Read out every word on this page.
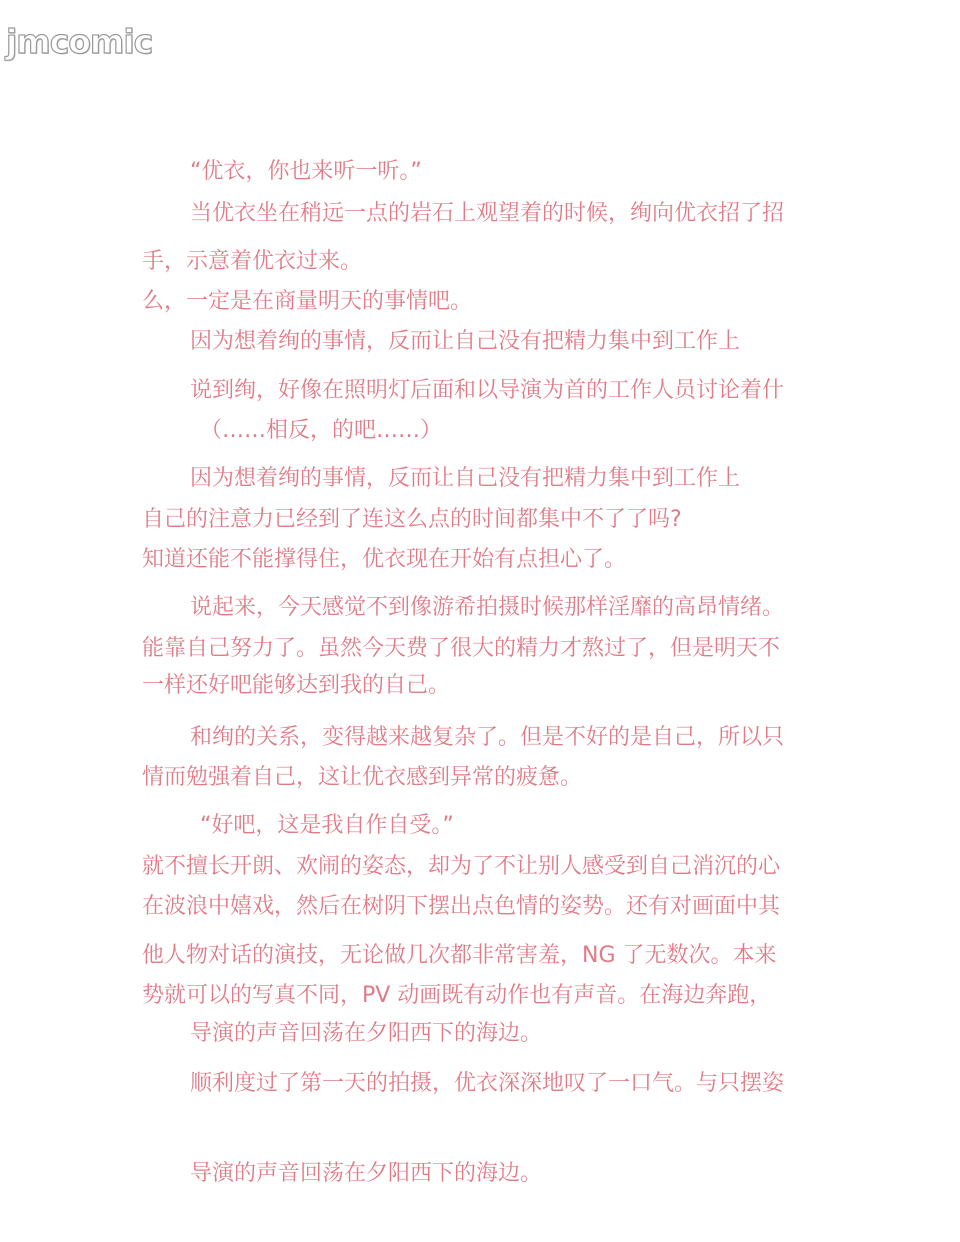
jmcomic
“优衣，你也来听一听。”
当优衣坐在稍远一点的岩石上观望着的时候，绚向优衣招了招
手，示意着优衣过来。
么，一定是在商量明天的事情吧。
因为想着绚的事情，反而让自己没有把精力集中到工作上
说到绚，好像在照明灯后面和以导演为首的工作人员讨论着什
（……相反，的吧……）
因为想着绚的事情，反而让自己没有把精力集中到工作上
自己的注意力已经到了连这么点的时间都集中不了了吗?
知道还能不能撑得住，优衣现在开始有点担心了。
说起来，今天感觉不到像游希拍摄时候那样淫靡的高昂情绪。
能靠自己努力了。虽然今天费了很大的精力才熬过了，但是明天不
一样还好吧能够达到我的自己。
和绚的关系，变得越来越复杂了。但是不好的是自己，所以只
情而勉强着自己，这让优衣感到异常的疲惫。
“好吧，这是我自作自受。”
就不擅长开朗、欢闹的姿态，却为了不让别人感受到自己消沉的心
在波浪中嬉戏，然后在树阴下摆出点色情的姿势。还有对画面中其
他人物对话的演技，无论做几次都非常害羞，NG 了无数次。本来
势就可以的写真不同，PV 动画既有动作也有声音。在海边奔跑，
导演的声音回荡在夕阳西下的海边。
顺利度过了第一天的拍摄，优衣深深地叹了一口气。与只摆姿
导演的声音回荡在夕阳西下的海边。
